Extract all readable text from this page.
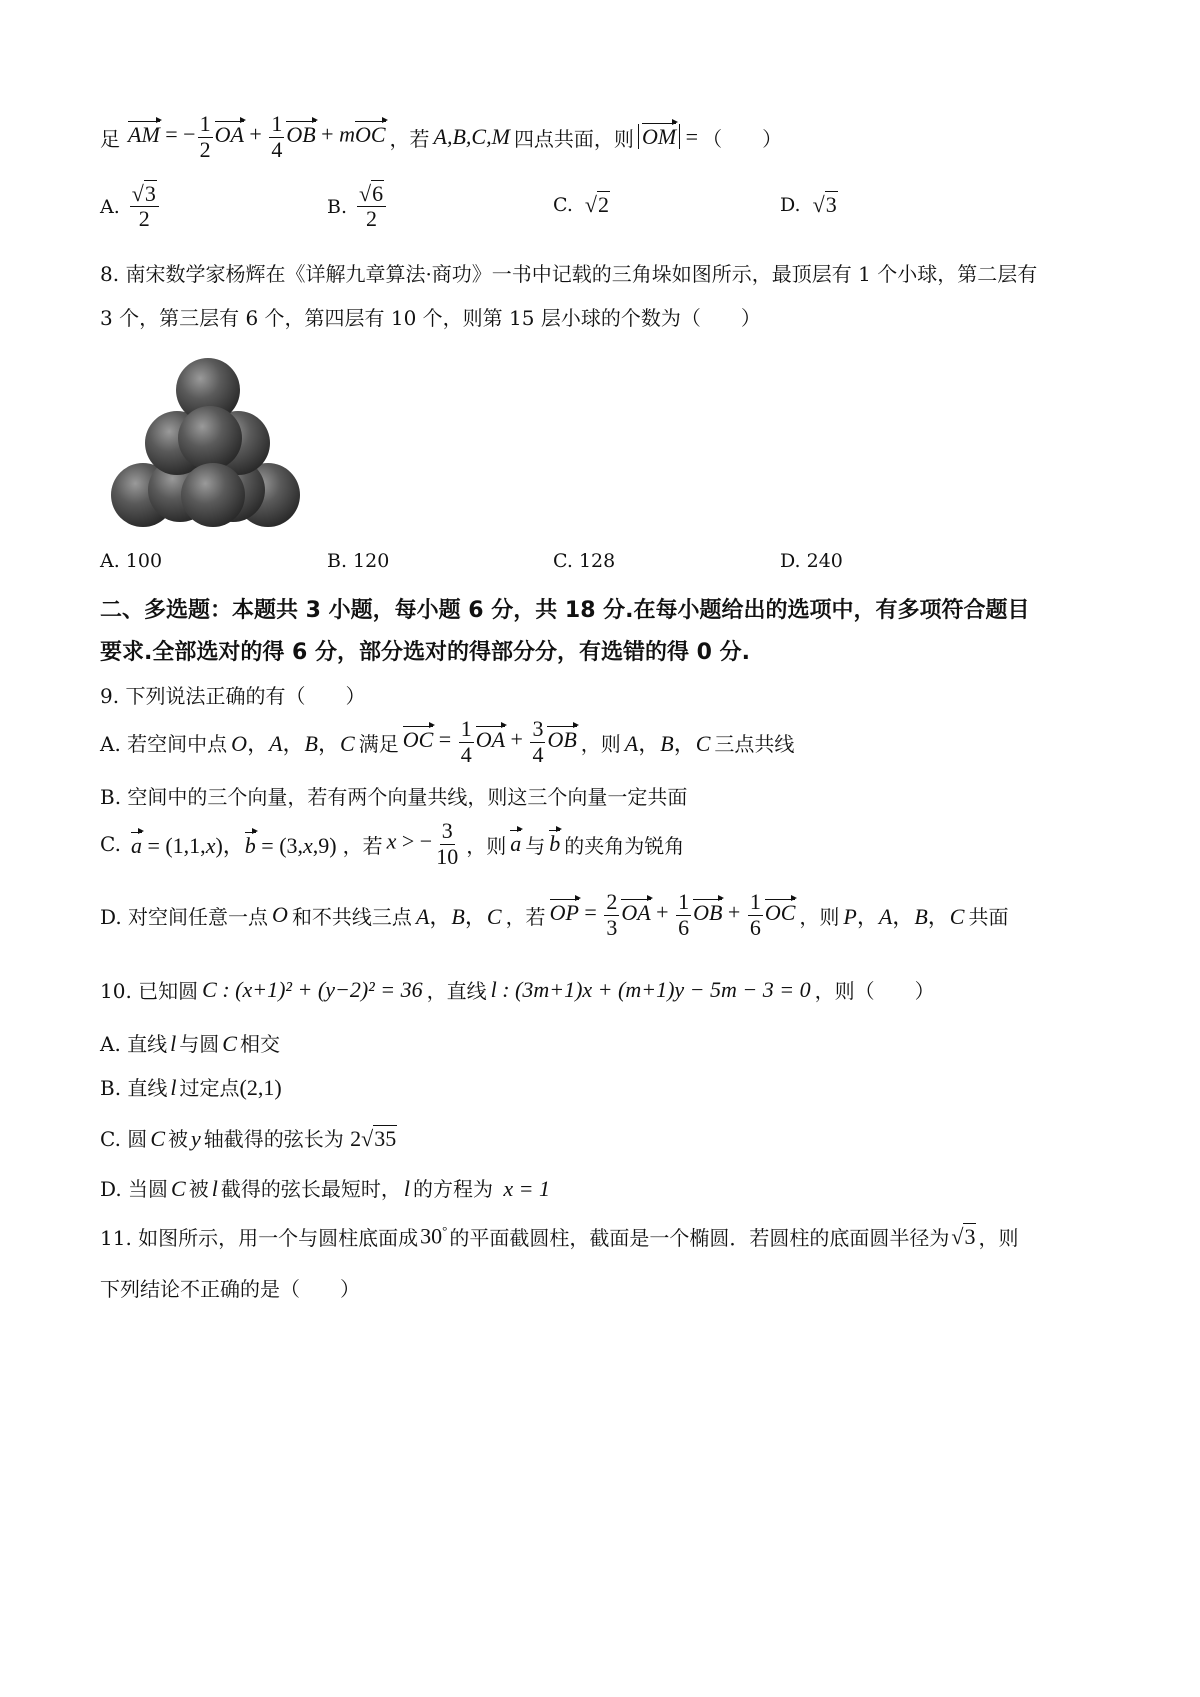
足 AM = − $\frac{1}{2}$ OA + $\frac{1}{4}$ OB + mOC ，若 A,B,C,M 四点共面，则 OM = （　　）
A. $\frac{√3}{2}$	B. $\frac{√6}{2}$	C. √2	D. √3
8. 南宋数学家杨辉在《详解九章算法·商功》一书中记载的三角垛如图所示，最顶层有 1 个小球，第二层有
3 个，第三层有 6 个，第四层有 10 个，则第 15 层小球的个数为（　　）
A. 100	B. 120	C. 128	D. 240
二、多选题：本题共 3 小题，每小题 6 分，共 18 分.在每小题给出的选项中，有多项符合题目
要求.全部选对的得 6 分，部分选对的得部分分，有选错的得 0 分.
9. 下列说法正确的有（　　）
A. 若空间中点 O，A，B，C 满足 OC = $\frac{1}{4}$ OA + $\frac{3}{4}$ OB ，则 A，B，C 三点共线
B. 空间中的三个向量，若有两个向量共线，则这三个向量一定共面
C. a = (1,1,x)，b = (3,x,9) ，若 x > − $\frac{3}{10}$ ，则 a 与 b 的夹角为锐角
D. 对空间任意一点 O 和不共线三点 A，B，C ，若 OP = $\frac{2}{3}$ OA + $\frac{1}{6}$ OB + $\frac{1}{6}$ OC ，则 P，A，B，C 共面
10. 已知圆 C : (x+1)² + (y−2)² = 36 ，直线 l : (3m+1)x + (m+1)y − 5m − 3 = 0 ，则（　　）
A. 直线 l 与圆 C 相交
B. 直线 l 过定点(2,1)
C. 圆 C 被 y 轴截得的弦长为 2√35
D. 当圆 C 被 l 截得的弦长最短时， l 的方程为 x = 1
11. 如图所示，用一个与圆柱底面成 30° 的平面截圆柱，截面是一个椭圆．若圆柱的底面圆半径为 √3 ，则
下列结论不正确的是（　　）
